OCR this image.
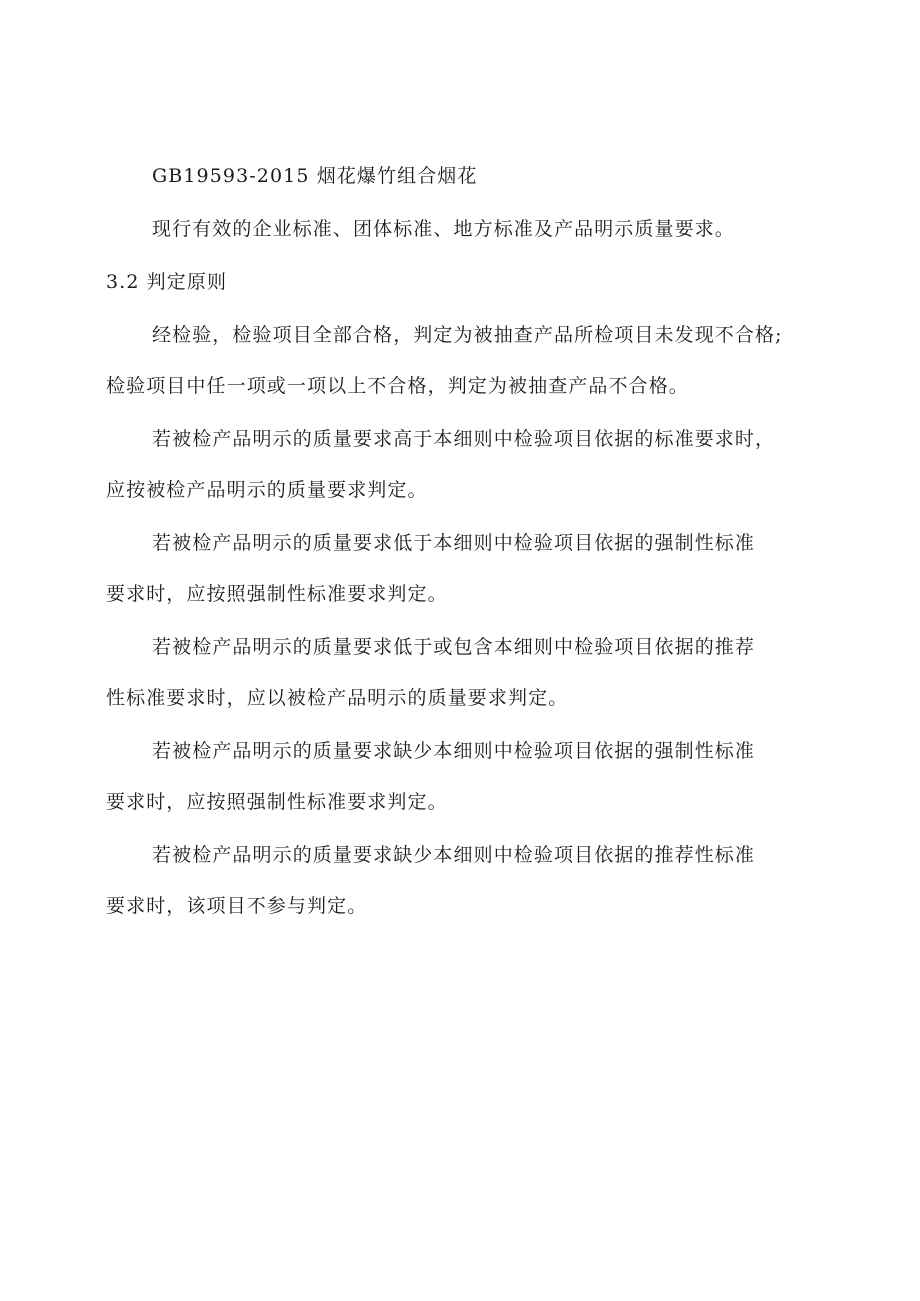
GB19593-2015 烟花爆竹组合烟花
现行有效的企业标准、团体标准、地方标准及产品明示质量要求。
3.2 判定原则
经检验，检验项目全部合格，判定为被抽查产品所检项目未发现不合格;
检验项目中任一项或一项以上不合格，判定为被抽查产品不合格。
若被检产品明示的质量要求高于本细则中检验项目依据的标准要求时，
应按被检产品明示的质量要求判定。
若被检产品明示的质量要求低于本细则中检验项目依据的强制性标准
要求时，应按照强制性标准要求判定。
若被检产品明示的质量要求低于或包含本细则中检验项目依据的推荐
性标准要求时，应以被检产品明示的质量要求判定。
若被检产品明示的质量要求缺少本细则中检验项目依据的强制性标准
要求时，应按照强制性标准要求判定。
若被检产品明示的质量要求缺少本细则中检验项目依据的推荐性标准
要求时，该项目不参与判定。
